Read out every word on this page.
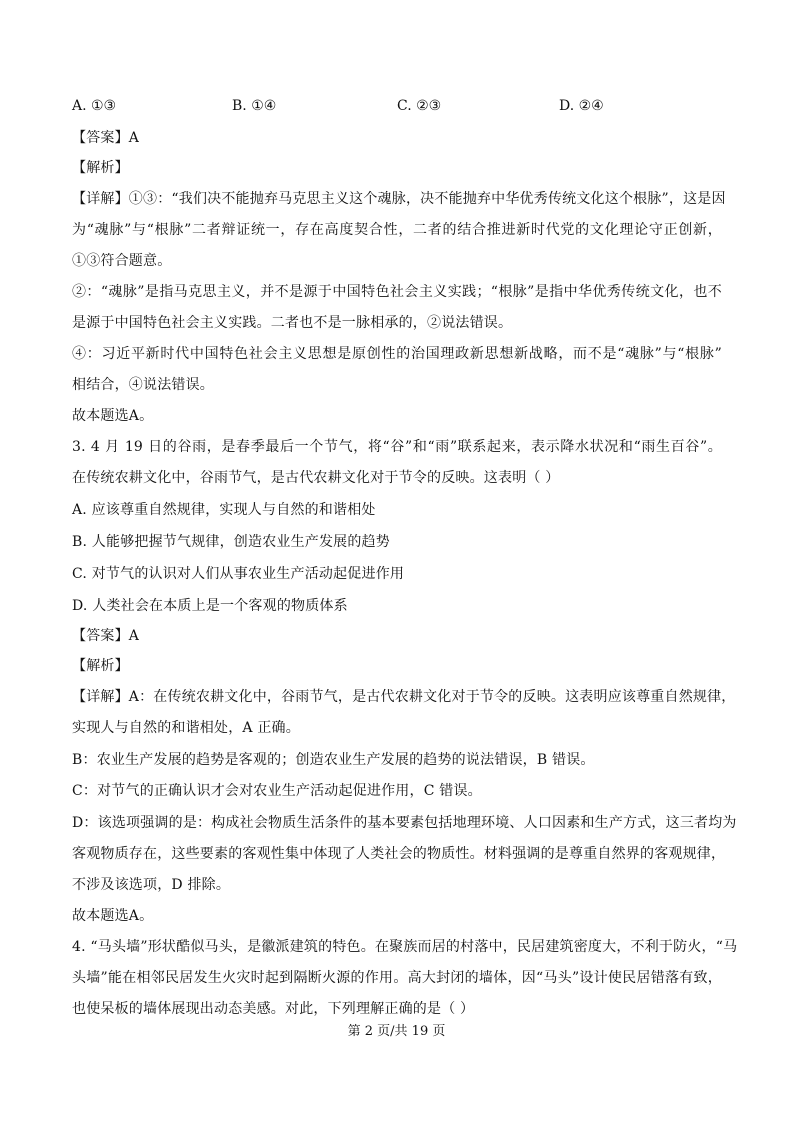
A. ①③	B. ①④	C. ②③	D. ②④
【答案】A
【解析】
【详解】①③：“我们决不能抛弃马克思主义这个魂脉，决不能抛弃中华优秀传统文化这个根脉”，这是因
为“魂脉”与“根脉”二者辩证统一，存在高度契合性，二者的结合推进新时代党的文化理论守正创新，
①③符合题意。
②：“魂脉”是指马克思主义，并不是源于中国特色社会主义实践；“根脉”是指中华优秀传统文化，也不
是源于中国特色社会主义实践。二者也不是一脉相承的，②说法错误。
④：习近平新时代中国特色社会主义思想是原创性的治国理政新思想新战略，而不是“魂脉”与“根脉”
相结合，④说法错误。
故本题选A。
3. 4 月 19 日的谷雨，是春季最后一个节气，将“谷”和“雨”联系起来，表示降水状况和“雨生百谷”。
在传统农耕文化中，谷雨节气，是古代农耕文化对于节令的反映。这表明（ ）
A. 应该尊重自然规律，实现人与自然的和谐相处
B. 人能够把握节气规律，创造农业生产发展的趋势
C. 对节气的认识对人们从事农业生产活动起促进作用
D. 人类社会在本质上是一个客观的物质体系
【答案】A
【解析】
【详解】A：在传统农耕文化中，谷雨节气，是古代农耕文化对于节令的反映。这表明应该尊重自然规律，
实现人与自然的和谐相处，A 正确。
B：农业生产发展的趋势是客观的；创造农业生产发展的趋势的说法错误，B 错误。
C：对节气的正确认识才会对农业生产活动起促进作用，C 错误。
D：该选项强调的是：构成社会物质生活条件的基本要素包括地理环境、人口因素和生产方式，这三者均为
客观物质存在，这些要素的客观性集中体现了人类社会的物质性。材料强调的是尊重自然界的客观规律，
不涉及该选项，D 排除。
故本题选A。
4. “马头墙”形状酷似马头，是徽派建筑的特色。在聚族而居的村落中，民居建筑密度大，不利于防火，“马
头墙”能在相邻民居发生火灾时起到隔断火源的作用。高大封闭的墙体，因“马头”设计使民居错落有致，
也使呆板的墙体展现出动态美感。对此，下列理解正确的是（ ）
第 2 页/共 19 页
